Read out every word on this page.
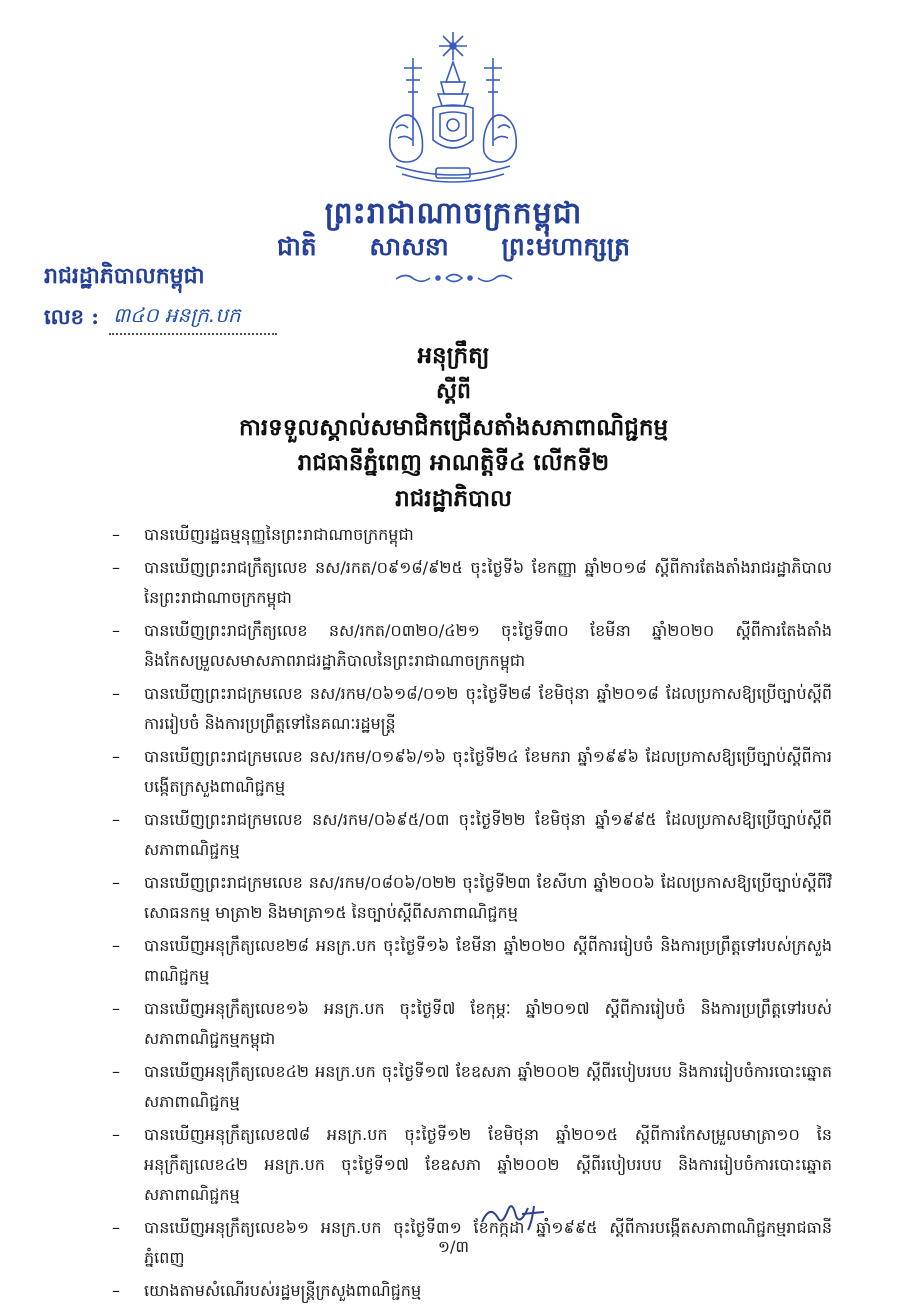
ព្រះរាជាណាចក្រកម្ពុជា
ជាតិ សាសនា ព្រះមហាក្សត្រ
រាជរដ្ឋាភិបាលកម្ពុជា
លេខ : ៣៤០ អនក្រ.បក
អនុក្រឹត្យ
ស្តីពី
ការទទួលស្គាល់សមាជិកជ្រើសតាំងសភាពាណិជ្ជកម្ម
រាជធានីភ្នំពេញ អាណត្តិទី៤ លើកទី២
រាជរដ្ឋាភិបាល
–	បានឃើញរដ្ឋធម្មនុញ្ញនៃព្រះរាជាណាចក្រកម្ពុជា
–	បានឃើញព្រះរាជក្រឹត្យលេខ នស/រកត/០៩១៨/៩២៥ ចុះថ្ងៃទី៦ ខែកញ្ញា ឆ្នាំ២០១៨ ស្តីពីការតែងតាំងរាជរដ្ឋាភិបាលនៃព្រះរាជាណាចក្រកម្ពុជា
–	បានឃើញព្រះរាជក្រឹត្យលេខ នស/រកត/០៣២០/៤២១ ចុះថ្ងៃទី៣០ ខែមីនា ឆ្នាំ២០២០ ស្តីពីការតែងតាំង និងកែសម្រួលសមាសភាពរាជរដ្ឋាភិបាលនៃព្រះរាជាណាចក្រកម្ពុជា
–	បានឃើញព្រះរាជក្រមលេខ នស/រកម/០៦១៨/០១២ ចុះថ្ងៃទី២៨ ខែមិថុនា ឆ្នាំ២០១៨ ដែលប្រកាសឱ្យប្រើច្បាប់ស្តីពីការរៀបចំ និងការប្រព្រឹត្តទៅនៃគណៈរដ្ឋមន្ត្រី
–	បានឃើញព្រះរាជក្រមលេខ នស/រកម/០១៩៦/១៦ ចុះថ្ងៃទី២៤ ខែមករា ឆ្នាំ១៩៩៦ ដែលប្រកាសឱ្យប្រើច្បាប់ស្តីពីការបង្កើតក្រសួងពាណិជ្ជកម្ម
–	បានឃើញព្រះរាជក្រមលេខ នស/រកម/០៦៩៥/០៣ ចុះថ្ងៃទី២២ ខែមិថុនា ឆ្នាំ១៩៩៥ ដែលប្រកាសឱ្យប្រើច្បាប់ស្តីពីសភាពាណិជ្ជកម្ម
–	បានឃើញព្រះរាជក្រមលេខ នស/រកម/០៨០៦/០២២ ចុះថ្ងៃទី២៣ ខែសីហា ឆ្នាំ២០០៦ ដែលប្រកាសឱ្យប្រើច្បាប់ស្តីពីវិសោធនកម្ម មាត្រា២ និងមាត្រា១៥ នៃច្បាប់ស្តីពីសភាពាណិជ្ជកម្ម
–	បានឃើញអនុក្រឹត្យលេខ២៨ អនក្រ.បក ចុះថ្ងៃទី១៦ ខែមីនា ឆ្នាំ២០២០ ស្តីពីការរៀបចំ និងការប្រព្រឹត្តទៅរបស់ក្រសួងពាណិជ្ជកម្ម
–	បានឃើញអនុក្រឹត្យលេខ១៦ អនក្រ.បក ចុះថ្ងៃទី៧ ខែកុម្ភៈ ឆ្នាំ២០១៧ ស្តីពីការរៀបចំ និងការប្រព្រឹត្តទៅរបស់សភាពាណិជ្ជកម្មកម្ពុជា
–	បានឃើញអនុក្រឹត្យលេខ៤២ អនក្រ.បក ចុះថ្ងៃទី១៧ ខែឧសភា ឆ្នាំ២០០២ ស្តីពីរបៀបរបប និងការរៀបចំការបោះឆ្នោតសភាពាណិជ្ជកម្ម
–	បានឃើញអនុក្រឹត្យលេខ៧៨ អនក្រ.បក ចុះថ្ងៃទី១២ ខែមិថុនា ឆ្នាំ២០១៥ ស្តីពីការកែសម្រួលមាត្រា១០ នៃអនុក្រឹត្យលេខ៤២ អនក្រ.បក ចុះថ្ងៃទី១៧ ខែឧសភា ឆ្នាំ២០០២ ស្តីពីរបៀបរបប និងការរៀបចំការបោះឆ្នោតសភាពាណិជ្ជកម្ម
–	បានឃើញអនុក្រឹត្យលេខ៦១ អនក្រ.បក ចុះថ្ងៃទី៣១ ខែកក្កដា ឆ្នាំ១៩៩៥ ស្តីពីការបង្កើតសភាពាណិជ្ជកម្មរាជធានីភ្នំពេញ
–	យោងតាមសំណើរបស់រដ្ឋមន្ត្រីក្រសួងពាណិជ្ជកម្ម
១/៣
